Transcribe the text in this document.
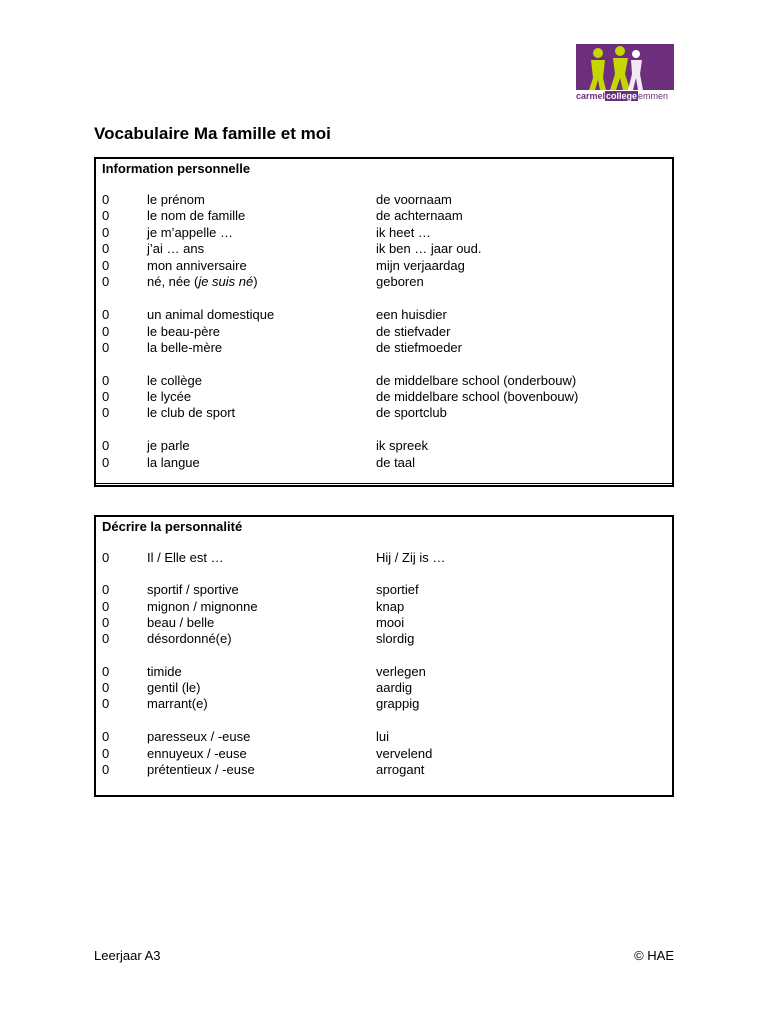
carmelcollegeemmen
Vocabulaire Ma famille et moi
Information personnelle
0	le prénom	de voornaam
0	le nom de famille	de achternaam
0	je m’appelle …	ik heet …
0	j’ai … ans	ik ben … jaar oud.
0	mon anniversaire	mijn verjaardag
0	né, née (je suis né)	geboren
0	un animal domestique	een huisdier
0	le beau-père	de stiefvader
0	la belle-mère	de stiefmoeder
0	le collège	de middelbare school (onderbouw)
0	le lycée	de middelbare school (bovenbouw)
0	le club de sport	de sportclub
0	je parle	ik spreek
0	la langue	de taal
Décrire la personnalité
0	Il / Elle est …	Hij / Zij is …
0	sportif / sportive	sportief
0	mignon / mignonne	knap
0	beau / belle	mooi
0	désordonné(e)	slordig
0	timide	verlegen
0	gentil (le)	aardig
0	marrant(e)	grappig
0	paresseux / -euse	lui
0	ennuyeux / -euse	vervelend
0	prétentieux / -euse	arrogant
Leerjaar A3	© HAE
